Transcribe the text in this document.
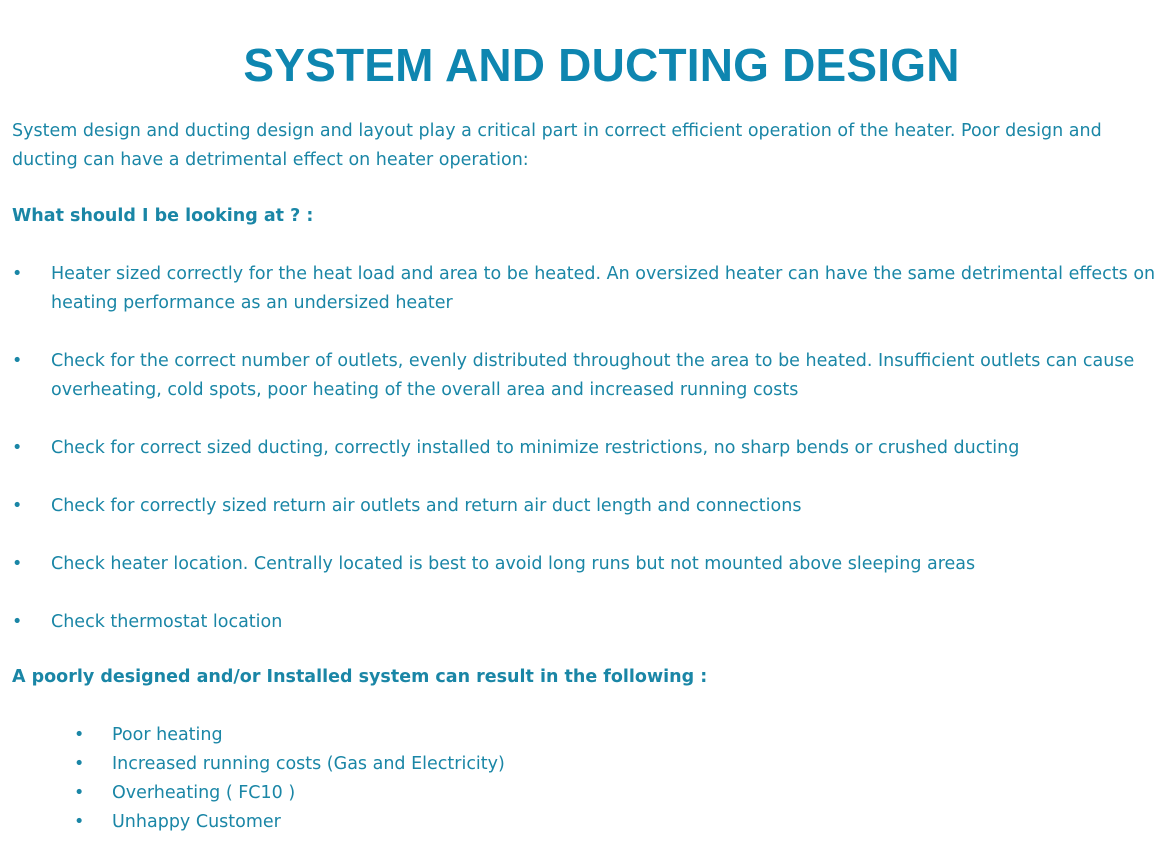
SYSTEM AND DUCTING DESIGN

System design and ducting design and layout play a critical part in correct efficient operation of the heater. Poor design and ducting can have a detrimental effect on heater operation:

What should I be looking at ? :

• Heater sized correctly for the heat load and area to be heated. An oversized heater can have the same detrimental effects on heating performance as an undersized heater
• Check for the correct number of outlets, evenly distributed throughout the area to be heated. Insufficient outlets can cause overheating, cold spots, poor heating of the overall area and increased running costs
• Check for correct sized ducting, correctly installed to minimize restrictions, no sharp bends or crushed ducting
• Check for correctly sized return air outlets and return air duct length and connections
• Check heater location. Centrally located is best to avoid long runs but not mounted above sleeping areas
• Check thermostat location

A poorly designed and/or Installed system can result in the following :

• Poor heating
• Increased running costs (Gas and Electricity)
• Overheating ( FC10 )
• Unhappy Customer
